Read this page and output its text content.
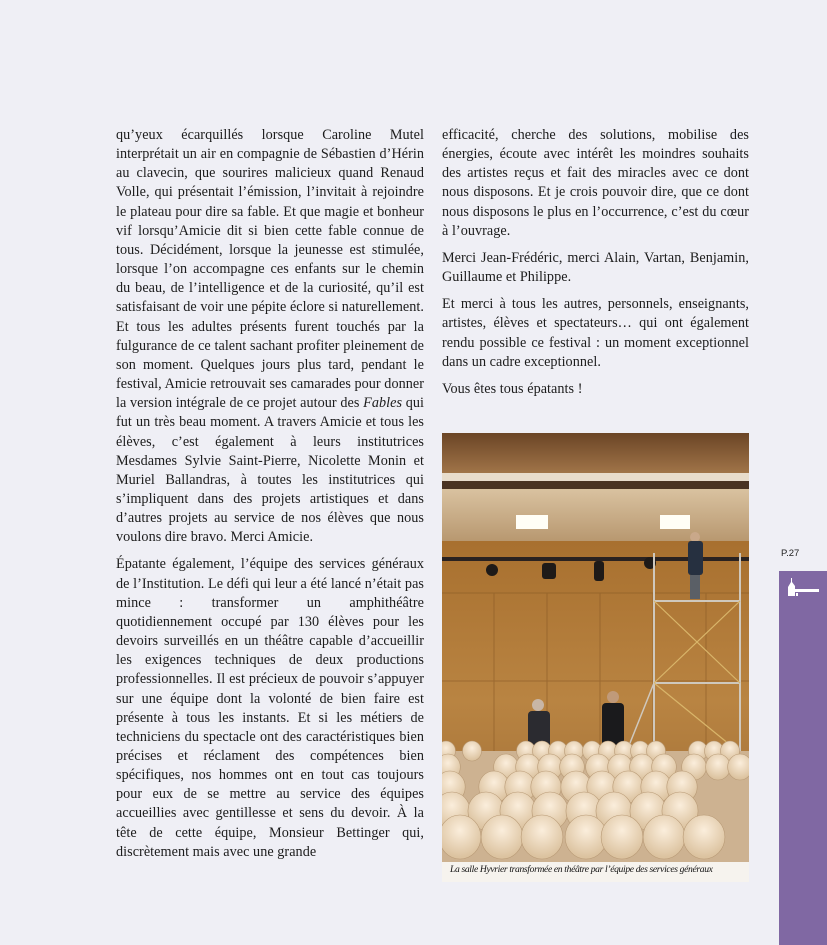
qu’yeux écarquillés lorsque Caroline Mutel interprétait un air en compagnie de Sébastien d’Hérin au clavecin, que sourires malicieux quand Renaud Volle, qui présentait l’émission, l’invitait à rejoindre le plateau pour dire sa fable. Et que magie et bonheur vif lorsqu’Amicie dit si bien cette fable connue de tous. Décidément, lorsque la jeunesse est stimulée, lorsque l’on accompagne ces enfants sur le chemin du beau, de l’intelligence et de la curiosité, qu’il est satisfaisant de voir une pépite éclore si naturellement. Et tous les adultes présents furent touchés par la fulgurance de ce talent sachant profiter pleinement de son moment. Quelques jours plus tard, pendant le festival, Amicie retrouvait ses camarades pour donner la version intégrale de ce projet autour des Fables qui fut un très beau moment. A travers Amicie et tous les élèves, c’est également à leurs institutrices Mesdames Sylvie Saint-Pierre, Nicolette Monin et Muriel Ballandras, à toutes les institutrices qui s’impliquent dans des projets artistiques et dans d’autres projets au service de nos élèves que nous voulons dire bravo. Merci Amicie.

Épatante également, l’équipe des services généraux de l’Institution. Le défi qui leur a été lancé n’était pas mince : transformer un amphithéâtre quotidiennement occupé par 130 élèves pour les devoirs surveillés en un théâtre capable d’accueillir les exigences techniques de deux productions professionnelles. Il est précieux de pouvoir s’appuyer sur une équipe dont la volonté de bien faire est présente à tous les instants. Et si les métiers de techniciens du spectacle ont des caractéristiques bien précises et réclament des compétences bien spécifiques, nos hommes ont en tout cas toujours pour eux de se mettre au service des équipes accueillies avec gentillesse et sens du devoir. À la tête de cette équipe, Monsieur Bettinger qui, discrètement mais avec une grande

efficacité, cherche des solutions, mobilise des énergies, écoute avec intérêt les moindres souhaits des artistes reçus et fait des miracles avec ce dont nous disposons. Et je crois pouvoir dire, que ce dont nous disposons le plus en l’occurrence, c’est du cœur à l’ouvrage.

Merci Jean-Frédéric, merci Alain, Vartan, Benjamin, Guillaume et Philippe.

Et merci à tous les autres, personnels, enseignants, artistes, élèves et spectateurs… qui ont également rendu possible ce festival : un moment exceptionnel dans un cadre exceptionnel.

Vous êtes tous épatants !

La salle Hyvrier transformée en théâtre par l’équipe des services généraux
P.27
